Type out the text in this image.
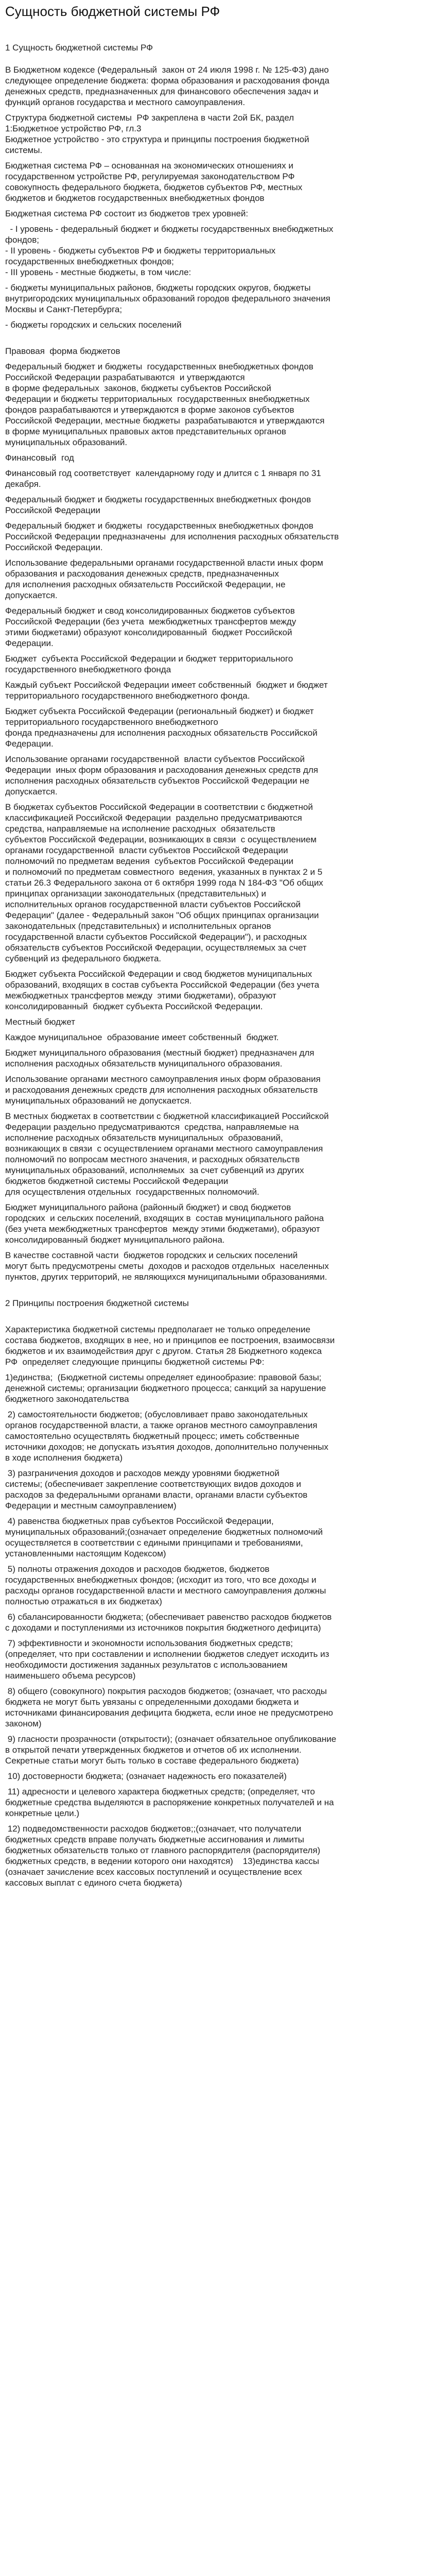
Сущность бюджетной системы РФ
1 Сущность бюджетной системы РФ

В Бюджетном кодексе (Федеральный  закон от 24 июля 1998 г. № 125-ФЗ) дано
следующее определение бюджета: форма образования и расходования фонда
денежных средств, предназначенных для финансового обеспечения задач и
функций органов государства и местного самоуправления.

Структура бюджетной системы  РФ закреплена в части 2ой БК, раздел
1:Бюджетное устройство РФ, гл.3
Бюджетное устройство - это структура и принципы построения бюджетной
системы.

Бюджетная система РФ – основанная на экономических отношениях и
государственном устройстве РФ, регулируемая законодательством РФ
совокупность федерального бюджета, бюджетов субъектов РФ, местных
бюджетов и бюджетов государственных внебюджетных фондов

Бюджетная система РФ состоит из бюджетов трех уровней:

- I уровень - федеральный бюджет и бюджеты государственных внебюджетных
фондов;
- II уровень - бюджеты субъектов РФ и бюджеты территориальных
государственных внебюджетных фондов;
- III уровень - местные бюджеты, в том числе:

- бюджеты муниципальных районов, бюджеты городских округов, бюджеты
внутригородских муниципальных образований городов федерального значения
Москвы и Санкт-Петербурга;

- бюджеты городских и сельских поселений

Правовая  форма бюджетов

Федеральный бюджет и бюджеты  государственных внебюджетных фондов
Российской Федерации разрабатываются  и утверждаются
в форме федеральных  законов, бюджеты субъектов Российской
Федерации и бюджеты территориальных  государственных внебюджетных
фондов разрабатываются и утверждаются в форме законов субъектов
Российской Федерации, местные бюджеты  разрабатываются и утверждаются
в форме муниципальных правовых актов представительных органов
муниципальных образований.

Финансовый  год

Финансовый год соответствует  календарному году и длится с 1 января по 31
декабря.

Федеральный бюджет и бюджеты государственных внебюджетных фондов
Российской Федерации

Федеральный бюджет и бюджеты  государственных внебюджетных фондов
Российской Федерации предназначены  для исполнения расходных обязательств
Российской Федерации.

Использование федеральными органами государственной власти иных форм
образования и расходования денежных средств, предназначенных
для исполнения расходных обязательств Российской Федерации, не
допускается.

Федеральный бюджет и свод консолидированных бюджетов субъектов
Российской Федерации (без учета  межбюджетных трансфертов между
этими бюджетами) образуют консолидированный  бюджет Российской
Федерации.

Бюджет  субъекта Российской Федерации и бюджет территориального
государственного внебюджетного фонда

Каждый субъект Российской Федерации имеет собственный  бюджет и бюджет
территориального государственного внебюджетного фонда.

Бюджет субъекта Российской Федерации (региональный бюджет) и бюджет
территориального государственного внебюджетного
фонда предназначены для исполнения расходных обязательств Российской
Федерации.

Использование органами государственной  власти субъектов Российской
Федерации  иных форм образования и расходования денежных средств для
исполнения расходных обязательств субъектов Российской Федерации не
допускается.

В бюджетах субъектов Российской Федерации в соответствии с бюджетной
классификацией Российской Федерации  раздельно предусматриваются
средства, направляемые на исполнение расходных  обязательств
субъектов Российской Федерации, возникающих в связи  с осуществлением
органами государственной  власти субъектов Российской Федерации
полномочий по предметам ведения  субъектов Российской Федерации
и полномочий по предметам совместного  ведения, указанных в пунктах 2 и 5
статьи 26.3 Федерального закона от 6 октября 1999 года N 184-ФЗ "Об общих
принципах организации законодательных (представительных) и
исполнительных органов государственной власти субъектов Российской
Федерации" (далее - Федеральный закон "Об общих принципах организации
законодательных (представительных) и исполнительных органов
государственной власти субъектов Российской Федерации"), и расходных
обязательств субъектов Российской Федерации, осуществляемых за счет
субвенций из федерального бюджета.

Бюджет субъекта Российской Федерации и свод бюджетов муниципальных
образований, входящих в состав субъекта Российской Федерации (без учета
межбюджетных трансфертов между  этими бюджетами), образуют
консолидированный  бюджет субъекта Российской Федерации.

Местный бюджет

Каждое муниципальное  образование имеет собственный  бюджет.

Бюджет муниципального образования (местный бюджет) предназначен для
исполнения расходных обязательств муниципального образования.

Использование органами местного самоуправления иных форм образования
и расходования денежных средств для исполнения расходных обязательств
муниципальных образований не допускается.

В местных бюджетах в соответствии с бюджетной классификацией Российской
Федерации раздельно предусматриваются  средства, направляемые на
исполнение расходных обязательств муниципальных  образований,
возникающих в связи  с осуществлением органами местного самоуправления
полномочий по вопросам местного значения, и расходных обязательств
муниципальных образований, исполняемых  за счет субвенций из других
бюджетов бюджетной системы Российской Федерации
для осуществления отдельных  государственных полномочий.

Бюджет муниципального района (районный бюджет) и свод бюджетов
городских  и сельских поселений, входящих в  состав муниципального района
(без учета межбюджетных трансфертов  между этими бюджетами), образуют
консолидированный бюджет муниципального района.

В качестве составной части  бюджетов городских и сельских поселений
могут быть предусмотрены сметы  доходов и расходов отдельных  населенных
пунктов, других территорий, не являющихся муниципальными образованиями.

2 Принципы построения бюджетной системы

Характеристика бюджетной системы предполагает не только определение
состава бюджетов, входящих в нее, но и принципов ее построения, взаимосвязи
бюджетов и их взаимодействия друг с другом. Статья 28 Бюджетного кодекса
РФ  определяет следующие принципы бюджетной системы РФ:

1)единства;  (Бюджетной системы определяет единообразие: правовой базы;
денежной системы; организации бюджетного процесса; санкций за нарушение
бюджетного законодательства

2) самостоятельности бюджетов; (обусловливает право законодательных
органов государственной власти, а также органов местного самоуправления
самостоятельно осуществлять бюджетный процесс; иметь собственные
источники доходов; не допускать изъятия доходов, дополнительно полученных
в ходе исполнения бюджета)

3) разграничения доходов и расходов между уровнями бюджетной
системы; (обеспечивает закрепление соответствующих видов доходов и
расходов за федеральными органами власти, органами власти субъектов
Федерации и местным самоуправлением)

4) равенства бюджетных прав субъектов Российской Федерации,
муниципальных образований;(означает определение бюджетных полномочий
осуществляется в соответствии с едиными принципами и требованиями,
установленными настоящим Кодексом)

5) полноты отражения доходов и расходов бюджетов, бюджетов
государственных внебюджетных фондов; (исходит из того, что все доходы и
расходы органов государственной власти и местного самоуправления должны
полностью отражаться в их бюджетах)

6) сбалансированности бюджета; (обеспечивает равенство расходов бюджетов
с доходами и поступлениями из источников покрытия бюджетного дефицита)

7) эффективности и экономности использования бюджетных средств;
(определяет, что при составлении и исполнении бюджетов следует исходить из
необходимости достижения заданных результатов с использованием
наименьшего объема ресурсов)

8) общего (совокупного) покрытия расходов бюджетов; (означает, что расходы
бюджета не могут быть увязаны с определенными доходами бюджета и
источниками финансирования дефицита бюджета, если иное не предусмотрено
законом)

9) гласности прозрачности (открытости); (означает обязательное опубликование
в открытой печати утвержденных бюджетов и отчетов об их исполнении.
Секретные статьи могут быть только в составе федерального бюджета)

10) достоверности бюджета; (означает надежность его показателей)

11) адресности и целевого характера бюджетных средств; (определяет, что
бюджетные средства выделяются в распоряжение конкретных получателей и на
конкретные цели.)

12) подведомственности расходов бюджетов;;(означает, что получатели
бюджетных средств вправе получать бюджетные ассигнования и лимиты
бюджетных обязательств только от главного распорядителя (распорядителя)
бюджетных средств, в ведении которого они находятся)    13)единства кассы
(означает зачисление всех кассовых поступлений и осуществление всех
кассовых выплат с единого счета бюджета)
